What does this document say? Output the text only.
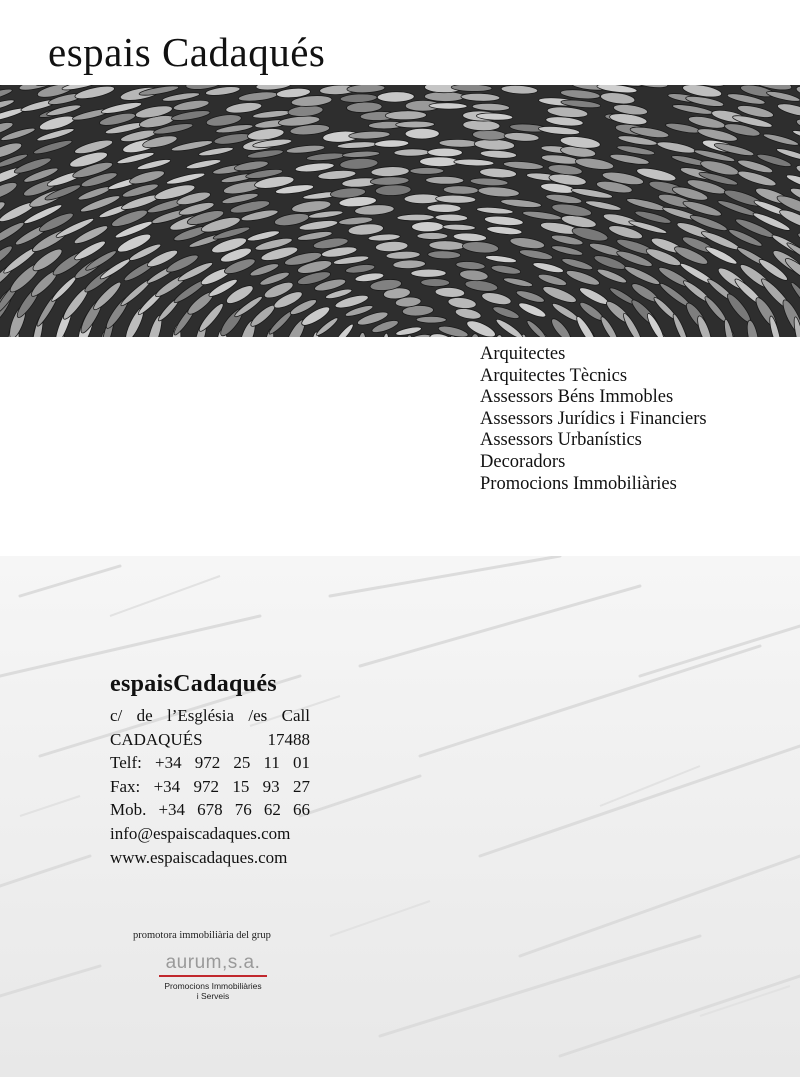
espais Cadaqués
Arquitectes
Arquitectes Tècnics
Assessors Béns Immobles
Assessors Jurídics i Financiers
Assessors Urbanístics
Decoradors
Promocions Immobiliàries
espaisCadaqués
c/ de l’Església /es Call
CADAQUÉS	17488
Telf: +34 972 25 11 01
Fax: +34 972 15 93 27
Mob. +34 678 76 62 66
info@espaiscadaques.com
www.espaiscadaques.com
promotora immobiliària del grup
aurum,s.a.
Promocions Immobiliàries
i Serveis
